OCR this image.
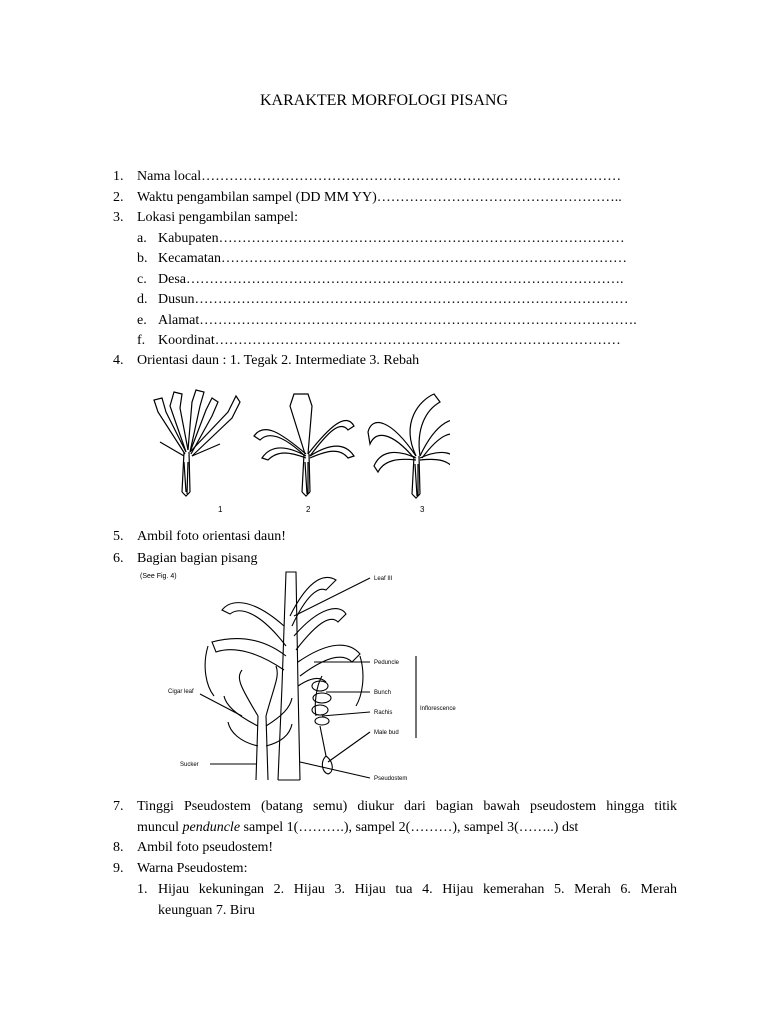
KARAKTER MORFOLOGI PISANG
1. Nama local………………………………………………………………………………
2. Waktu pengambilan sampel (DD MM YY)……………………………………………..
3. Lokasi pengambilan sampel:
a. Kabupaten……………………………………………………………………………
b. Kecamatan……………………………………………………………………………
c. Desa………………………………………………………………………………….
d. Dusun…………………………………………………………………………………
e. Alamat………………………………………………………………………………….
f. Koordinat……………………………………………………………………………
4. Orientasi daun : 1. Tegak 2. Intermediate 3. Rebah
1	2	3
5. Ambil foto orientasi daun!
6. Bagian bagian pisang
(See Fig. 4)	Leaf III
Peduncle
Bunch
Inflorescence
Rachis
Male bud
Pseudostem
Cigar leaf
Sucker
7. Tinggi Pseudostem (batang semu) diukur dari bagian bawah pseudostem hingga titik
muncul penduncle sampel 1(……….), sampel 2(………), sampel 3(……..) dst
8. Ambil foto pseudostem!
9. Warna Pseudostem:
1. Hijau kekuningan 2. Hijau 3. Hijau tua 4. Hijau kemerahan 5. Merah 6. Merah
keunguan 7. Biru
